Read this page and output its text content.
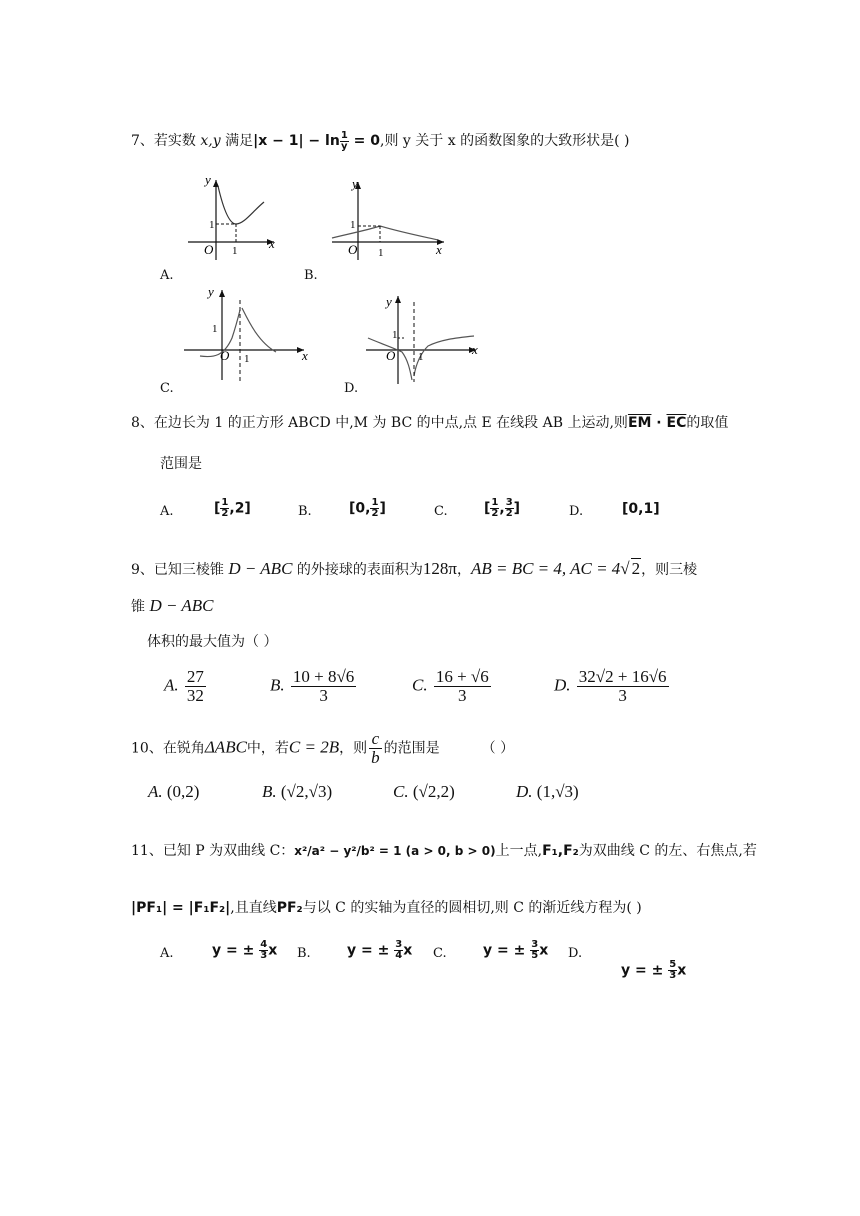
7、若实数 x,y 满足$|x - 1| - \ln \frac{1}{y} = 0$,则 y 关于 x 的函数图象的大致形状是( )
y
x
O
1
1
A.
y
x
O
1
1
B.
y
x
O
1
1
C.
y
x
O
1
1
D.
8、在边长为 1 的正方形 ABCD 中,M 为 BC 的中点,点 E 在线段 AB 上运动,则$\overline{EM} \cdot \overline{EC}$的取值
范围是
A.	[ $\frac{1}{2} ,2$]	B.	[0, $\frac{1}{2}$ ]	C.	[ $\frac{1}{2}$ , $\frac{3}{2}$ ]	D.	[0,1]
9、已知三棱锥 D − ABC 的外接球的表面积为128π，AB = BC = 4, AC = 4√ 2，则三棱
锥 D − ABC
体积的最大值为（ ）
A. $\frac{27}{32}$	B. $\frac{10 + 8√6}{3}$	C. $\frac{16 + √6}{3}$	D. $\frac{32√2 + 16√6}{3}$
10、在锐角ΔABC中，若C = 2B，则 $\frac{c}{b}$ 的范围是	（ ）
A. (0,2)	B. (√2,√3)	C. (√2,2)	D. (1,√3)
11、已知 P 为双曲线 C：x²/a² − y²/b² = 1 (a > 0, b > 0)上一点,F₁,F₂为双曲线 C 的左、右焦点,若
|PF₁| = |F₁F₂|,且直线PF₂与以 C 的实轴为直径的圆相切,则 C 的渐近线方程为( )
A.	y = ± $\frac{4}{3}$ x B.	y = ± $\frac{3}{4}$ x C.	y = ± $\frac{3}{5}$ x D.
y = ± $\frac{5}{3}$ x
